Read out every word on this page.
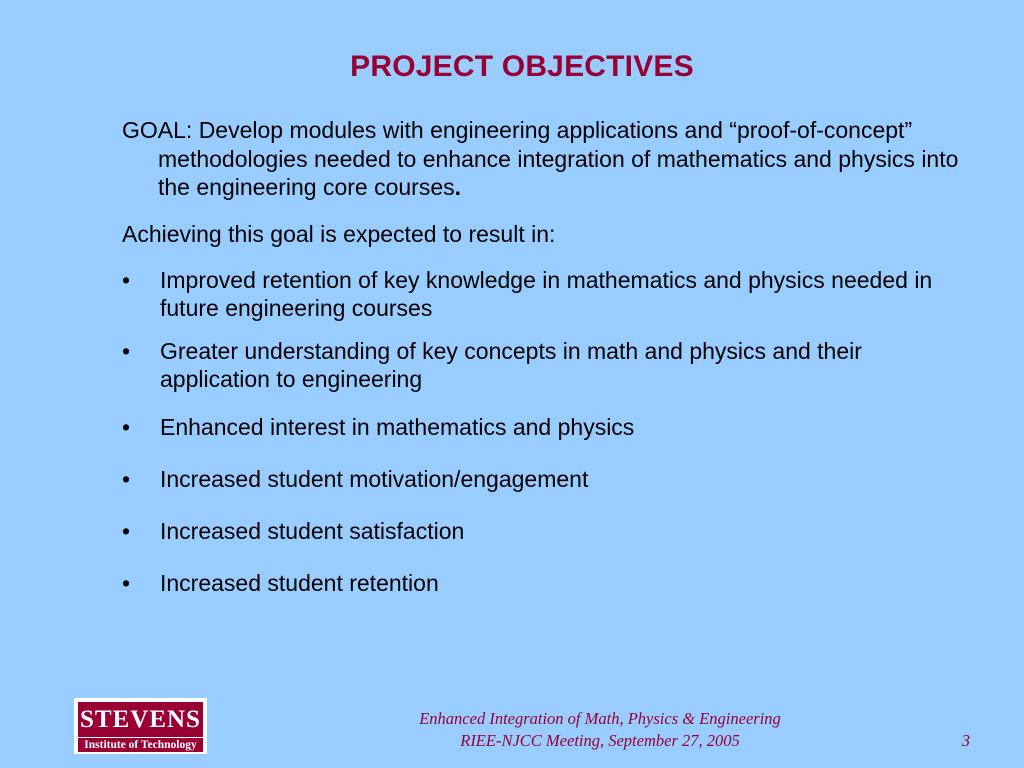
PROJECT OBJECTIVES
GOAL: Develop modules with engineering applications and “proof-of-concept” methodologies needed to enhance integration of mathematics and physics into the engineering core courses.
Achieving this goal is expected to result in:
•	Improved retention of key knowledge in mathematics and physics needed in future engineering courses
•	Greater understanding of key concepts in math and physics and their application to engineering
•	Enhanced interest in mathematics and physics
•	Increased student motivation/engagement
•	Increased student satisfaction
•	Increased student retention
STEVENS
Institute of Technology
Enhanced Integration of Math, Physics & Engineering
RIEE-NJCC Meeting, September 27, 2005	3
